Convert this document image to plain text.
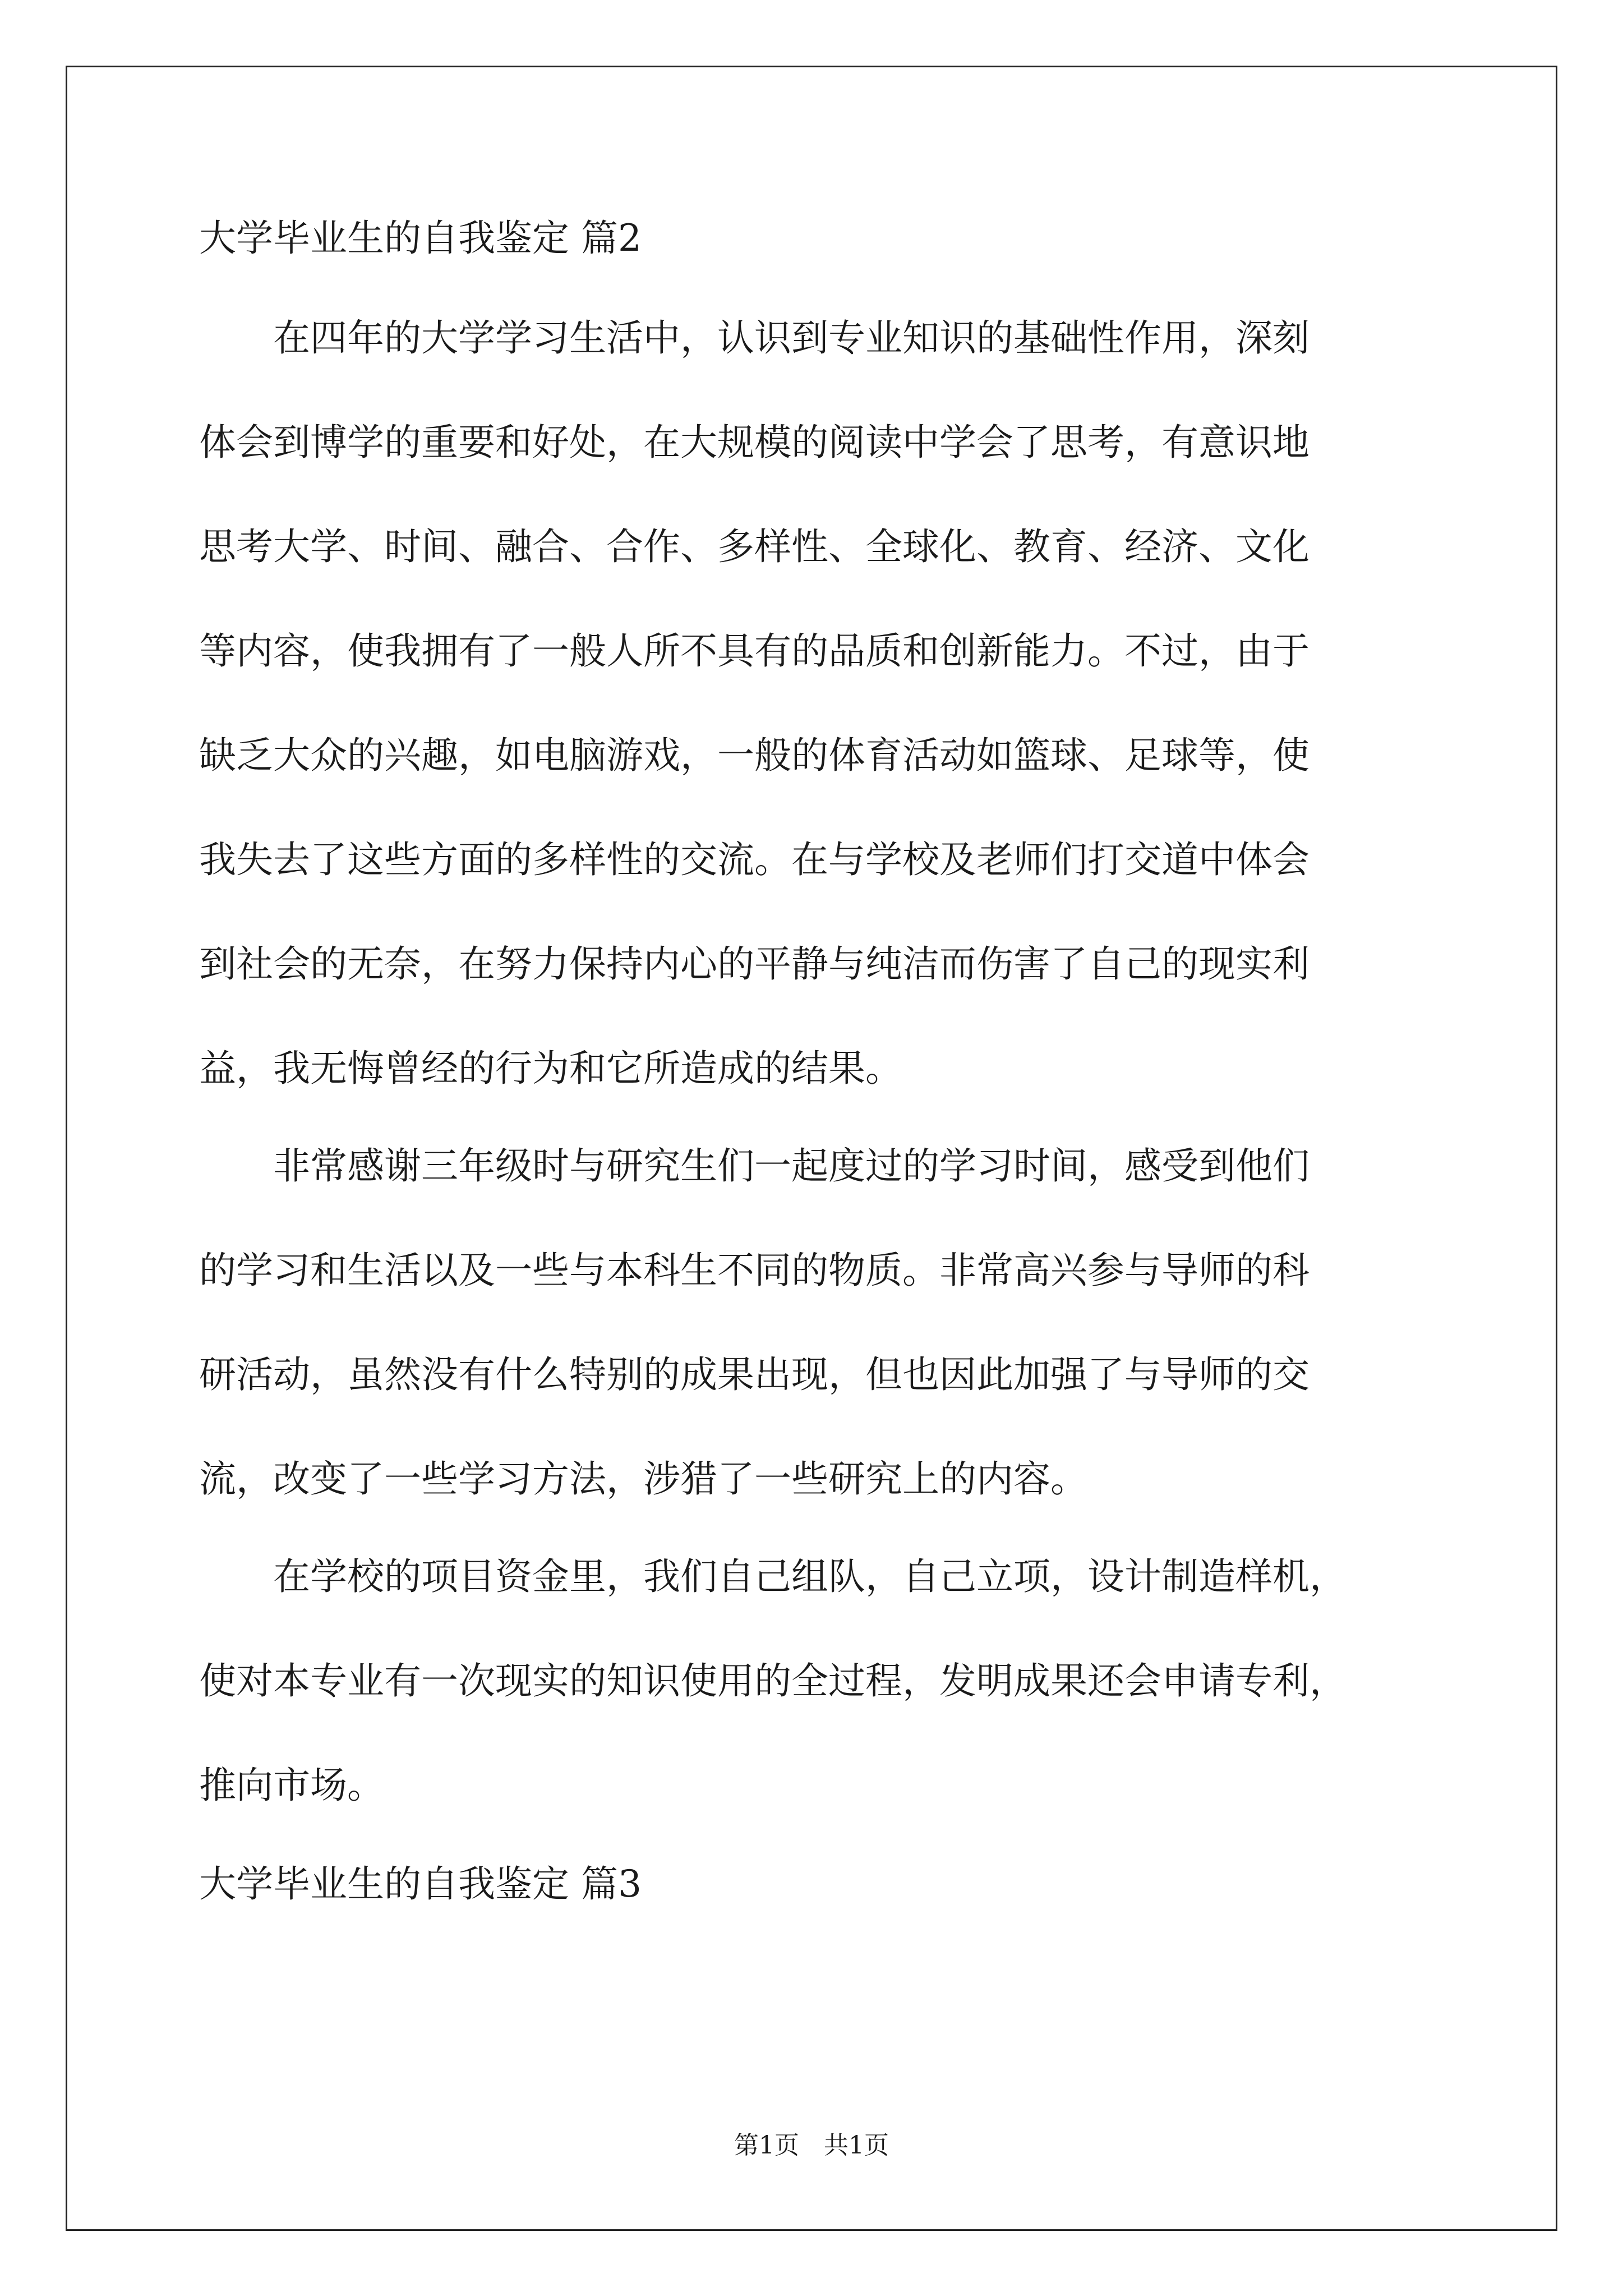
大学毕业生的自我鉴定 篇2
　　在四年的大学学习生活中，认识到专业知识的基础性作用，深刻
体会到博学的重要和好处，在大规模的阅读中学会了思考，有意识地
思考大学、时间、融合、合作、多样性、全球化、教育、经济、文化
等内容，使我拥有了一般人所不具有的品质和创新能力。不过，由于
缺乏大众的兴趣，如电脑游戏，一般的体育活动如篮球、足球等，使
我失去了这些方面的多样性的交流。在与学校及老师们打交道中体会
到社会的无奈，在努力保持内心的平静与纯洁而伤害了自己的现实利
益，我无悔曾经的行为和它所造成的结果。
　　非常感谢三年级时与研究生们一起度过的学习时间，感受到他们
的学习和生活以及一些与本科生不同的物质。非常高兴参与导师的科
研活动，虽然没有什么特别的成果出现，但也因此加强了与导师的交
流，改变了一些学习方法，涉猎了一些研究上的内容。
　　在学校的项目资金里，我们自己组队，自己立项，设计制造样机，
使对本专业有一次现实的知识使用的全过程，发明成果还会申请专利，
推向市场。
大学毕业生的自我鉴定 篇3
第1页　共1页
